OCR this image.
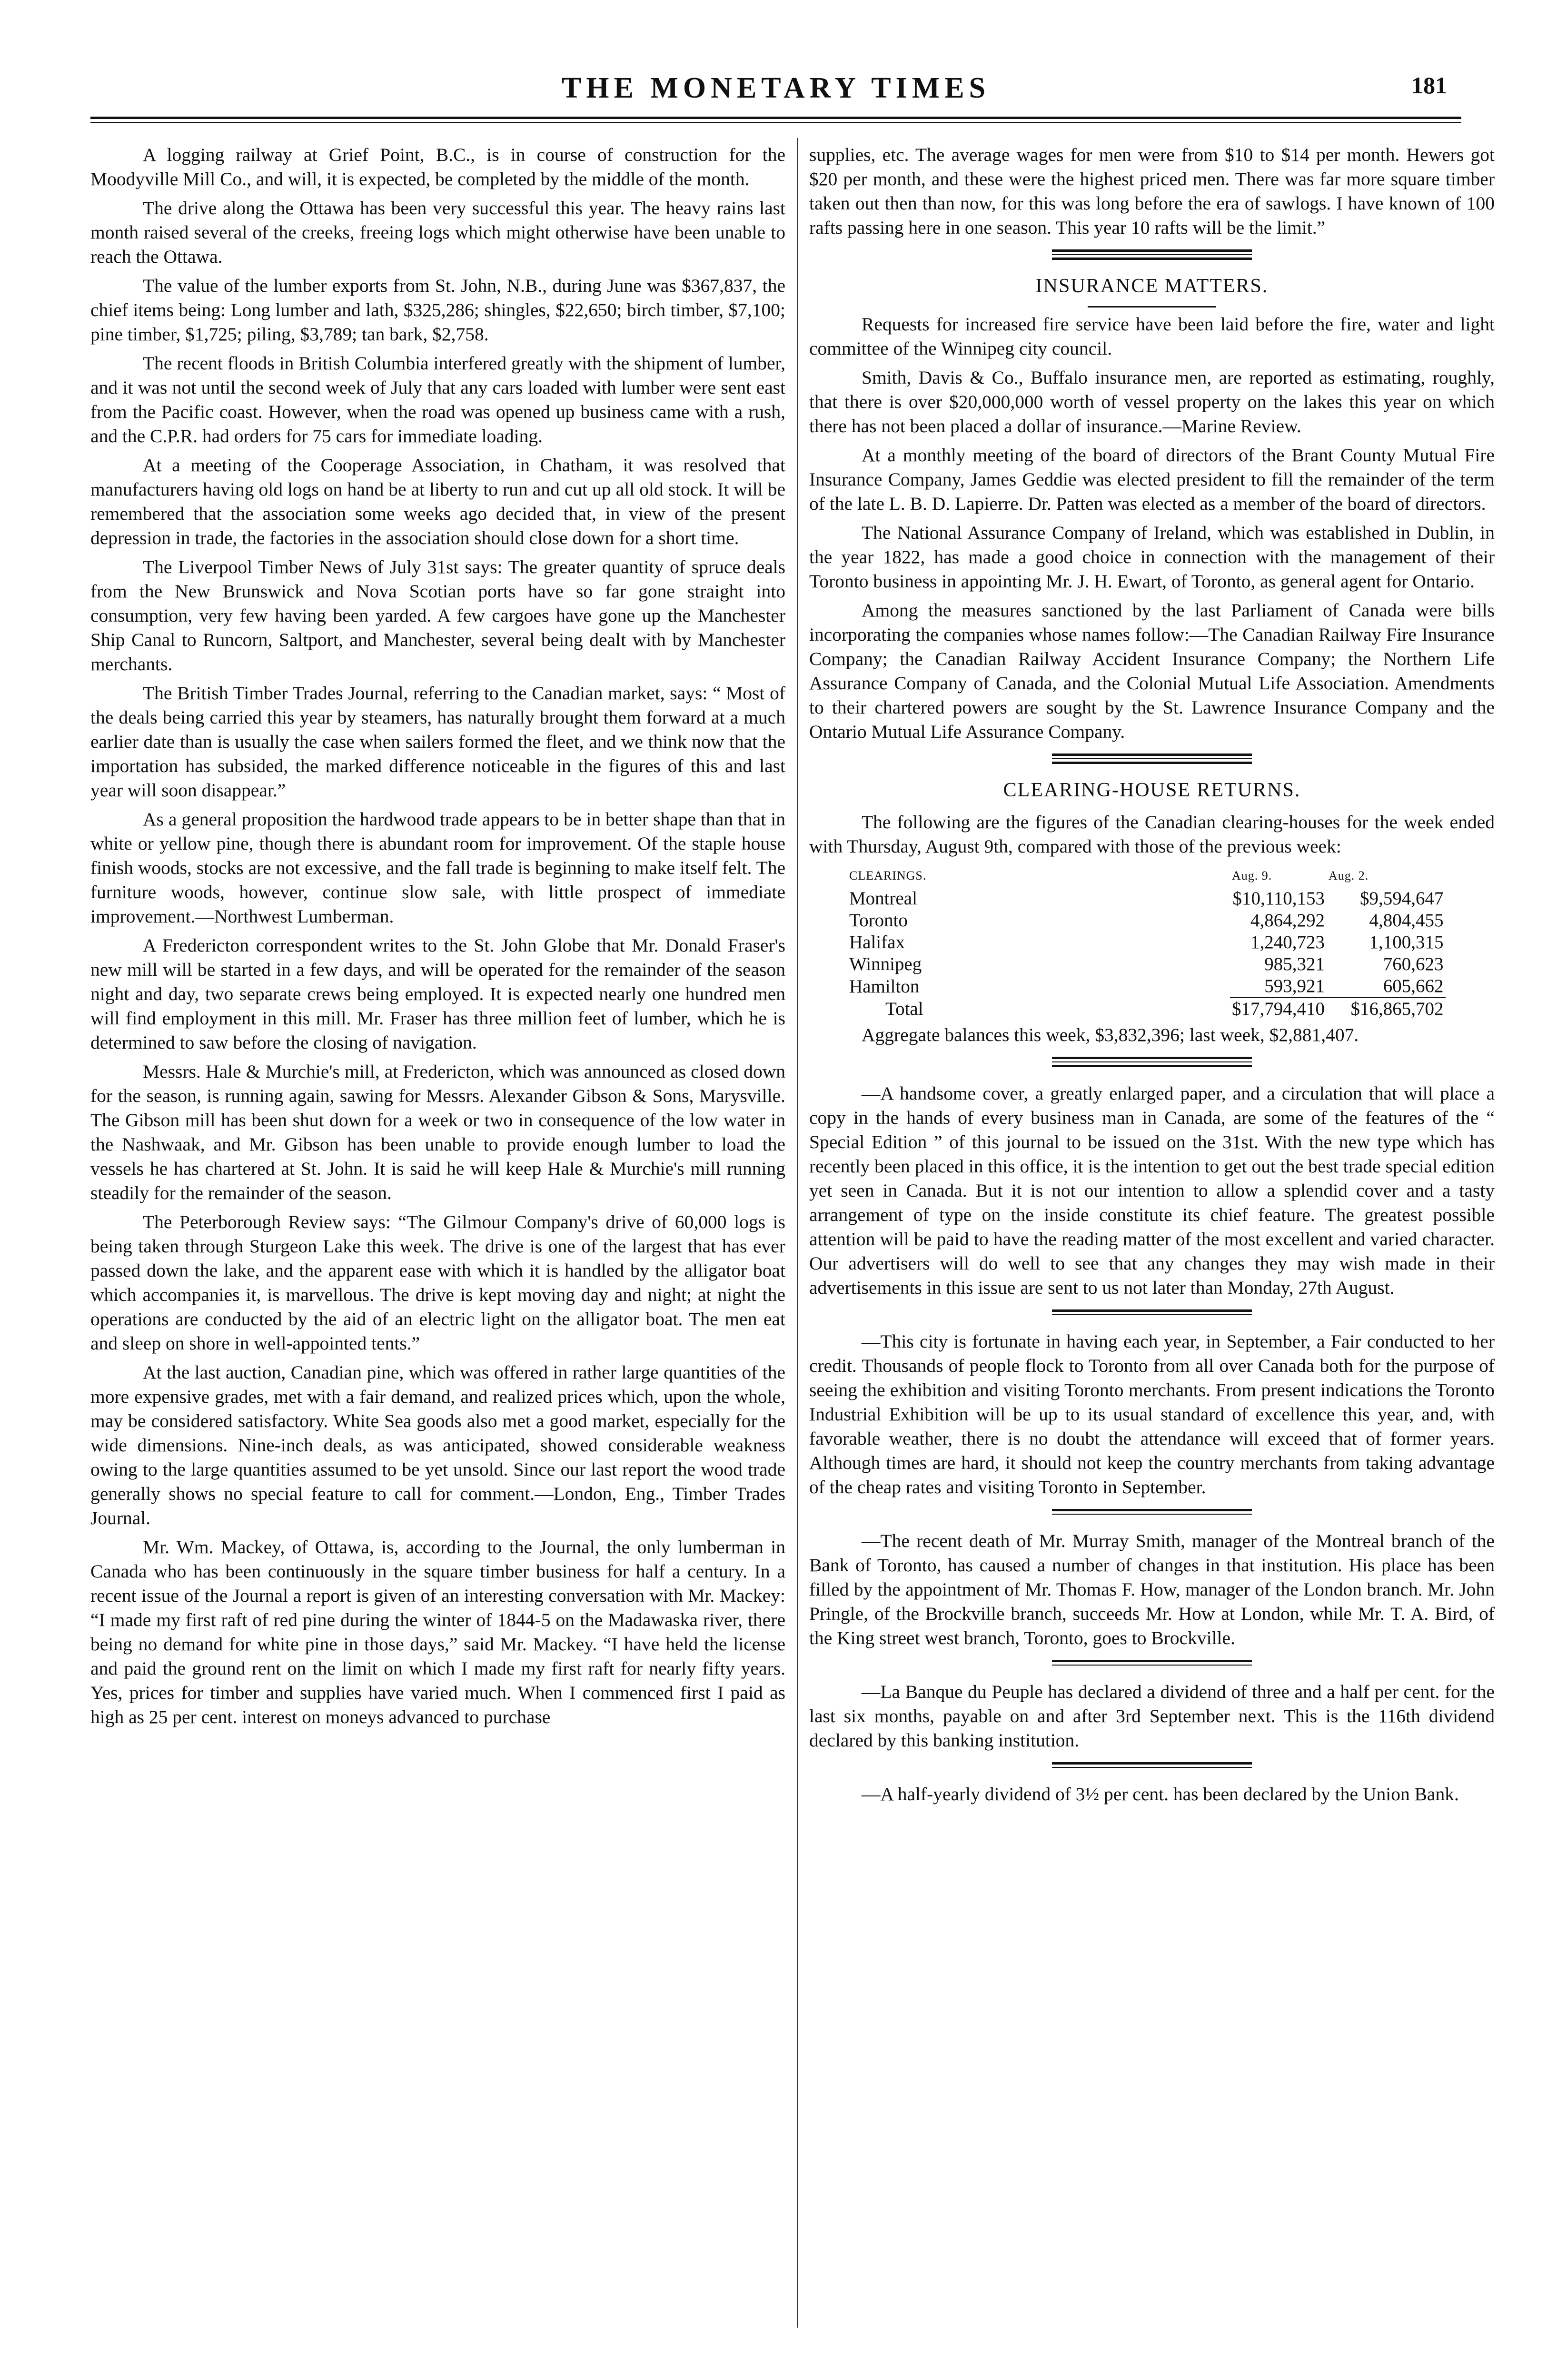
THE MONETARY TIMES	181

A logging railway at Grief Point, B.C., is in course of construction for the Moodyville Mill Co., and will, it is expected, be completed by the middle of the month.

The drive along the Ottawa has been very successful this year. The heavy rains last month raised several of the creeks, freeing logs which might otherwise have been unable to reach the Ottawa.

The value of the lumber exports from St. John, N.B., during June was $367,837, the chief items being: Long lumber and lath, $325,286; shingles, $22,650; birch timber, $7,100; pine timber, $1,725; piling, $3,789; tan bark, $2,758.

The recent floods in British Columbia interfered greatly with the shipment of lumber, and it was not until the second week of July that any cars loaded with lumber were sent east from the Pacific coast. However, when the road was opened up business came with a rush, and the C.P.R. had orders for 75 cars for immediate loading.

At a meeting of the Cooperage Association, in Chatham, it was resolved that manufacturers having old logs on hand be at liberty to run and cut up all old stock. It will be remembered that the association some weeks ago decided that, in view of the present depression in trade, the factories in the association should close down for a short time.

The Liverpool Timber News of July 31st says: The greater quantity of spruce deals from the New Brunswick and Nova Scotian ports have so far gone straight into consumption, very few having been yarded. A few cargoes have gone up the Manchester Ship Canal to Runcorn, Saltport, and Manchester, several being dealt with by Manchester merchants.

The British Timber Trades Journal, referring to the Canadian market, says: “ Most of the deals being carried this year by steamers, has naturally brought them forward at a much earlier date than is usually the case when sailers formed the fleet, and we think now that the importation has subsided, the marked difference noticeable in the figures of this and last year will soon disappear.”

As a general proposition the hardwood trade appears to be in better shape than that in white or yellow pine, though there is abundant room for improvement. Of the staple house finish woods, stocks are not excessive, and the fall trade is beginning to make itself felt. The furniture woods, however, continue slow sale, with little prospect of immediate improvement.—Northwest Lumberman.

A Fredericton correspondent writes to the St. John Globe that Mr. Donald Fraser's new mill will be started in a few days, and will be operated for the remainder of the season night and day, two separate crews being employed. It is expected nearly one hundred men will find employment in this mill. Mr. Fraser has three million feet of lumber, which he is determined to saw before the closing of navigation.

Messrs. Hale & Murchie's mill, at Fredericton, which was announced as closed down for the season, is running again, sawing for Messrs. Alexander Gibson & Sons, Marysville. The Gibson mill has been shut down for a week or two in consequence of the low water in the Nashwaak, and Mr. Gibson has been unable to provide enough lumber to load the vessels he has chartered at St. John. It is said he will keep Hale & Murchie's mill running steadily for the remainder of the season.

The Peterborough Review says: “The Gilmour Company's drive of 60,000 logs is being taken through Sturgeon Lake this week. The drive is one of the largest that has ever passed down the lake, and the apparent ease with which it is handled by the alligator boat which accompanies it, is marvellous. The drive is kept moving day and night; at night the operations are conducted by the aid of an electric light on the alligator boat. The men eat and sleep on shore in well-appointed tents.”

At the last auction, Canadian pine, which was offered in rather large quantities of the more expensive grades, met with a fair demand, and realized prices which, upon the whole, may be considered satisfactory. White Sea goods also met a good market, especially for the wide dimensions. Nine-inch deals, as was anticipated, showed considerable weakness owing to the large quantities assumed to be yet unsold. Since our last report the wood trade generally shows no special feature to call for comment.—London, Eng., Timber Trades Journal.

Mr. Wm. Mackey, of Ottawa, is, according to the Journal, the only lumberman in Canada who has been continuously in the square timber business for half a century. In a recent issue of the Journal a report is given of an interesting conversation with Mr. Mackey: “I made my first raft of red pine during the winter of 1844-5 on the Madawaska river, there being no demand for white pine in those days,” said Mr. Mackey. “I have held the license and paid the ground rent on the limit on which I made my first raft for nearly fifty years. Yes, prices for timber and supplies have varied much. When I commenced first I paid as high as 25 per cent. interest on moneys advanced to purchase

supplies, etc. The average wages for men were from $10 to $14 per month. Hewers got $20 per month, and these were the highest priced men. There was far more square timber taken out then than now, for this was long before the era of sawlogs. I have known of 100 rafts passing here in one season. This year 10 rafts will be the limit.”

INSURANCE MATTERS.

Requests for increased fire service have been laid before the fire, water and light committee of the Winnipeg city council.

Smith, Davis & Co., Buffalo insurance men, are reported as estimating, roughly, that there is over $20,000,000 worth of vessel property on the lakes this year on which there has not been placed a dollar of insurance.—Marine Review.

At a monthly meeting of the board of directors of the Brant County Mutual Fire Insurance Company, James Geddie was elected president to fill the remainder of the term of the late L. B. D. Lapierre. Dr. Patten was elected as a member of the board of directors.

The National Assurance Company of Ireland, which was established in Dublin, in the year 1822, has made a good choice in connection with the management of their Toronto business in appointing Mr. J. H. Ewart, of Toronto, as general agent for Ontario.

Among the measures sanctioned by the last Parliament of Canada were bills incorporating the companies whose names follow:—The Canadian Railway Fire Insurance Company; the Canadian Railway Accident Insurance Company; the Northern Life Assurance Company of Canada, and the Colonial Mutual Life Association. Amendments to their chartered powers are sought by the St. Lawrence Insurance Company and the Ontario Mutual Life Assurance Company.

CLEARING-HOUSE RETURNS.

The following are the figures of the Canadian clearing-houses for the week ended with Thursday, August 9th, compared with those of the previous week:

CLEARINGS.	Aug. 9.	Aug. 2.
Montreal	$10,110,153	$9,594,647
Toronto	4,864,292	4,804,455
Halifax	1,240,723	1,100,315
Winnipeg	985,321	760,623
Hamilton	593,921	605,662
Total	$17,794,410	$16,865,702

Aggregate balances this week, $3,832,396; last week, $2,881,407.

—A handsome cover, a greatly enlarged paper, and a circulation that will place a copy in the hands of every business man in Canada, are some of the features of the “ Special Edition ” of this journal to be issued on the 31st. With the new type which has recently been placed in this office, it is the intention to get out the best trade special edition yet seen in Canada. But it is not our intention to allow a splendid cover and a tasty arrangement of type on the inside constitute its chief feature. The greatest possible attention will be paid to have the reading matter of the most excellent and varied character. Our advertisers will do well to see that any changes they may wish made in their advertisements in this issue are sent to us not later than Monday, 27th August.

—This city is fortunate in having each year, in September, a Fair conducted to her credit. Thousands of people flock to Toronto from all over Canada both for the purpose of seeing the exhibition and visiting Toronto merchants. From present indications the Toronto Industrial Exhibition will be up to its usual standard of excellence this year, and, with favorable weather, there is no doubt the attendance will exceed that of former years. Although times are hard, it should not keep the country merchants from taking advantage of the cheap rates and visiting Toronto in September.

—The recent death of Mr. Murray Smith, manager of the Montreal branch of the Bank of Toronto, has caused a number of changes in that institution. His place has been filled by the appointment of Mr. Thomas F. How, manager of the London branch. Mr. John Pringle, of the Brockville branch, succeeds Mr. How at London, while Mr. T. A. Bird, of the King street west branch, Toronto, goes to Brockville.

—La Banque du Peuple has declared a dividend of three and a half per cent. for the last six months, payable on and after 3rd September next. This is the 116th dividend declared by this banking institution.

—A half-yearly dividend of 3½ per cent. has been declared by the Union Bank.
